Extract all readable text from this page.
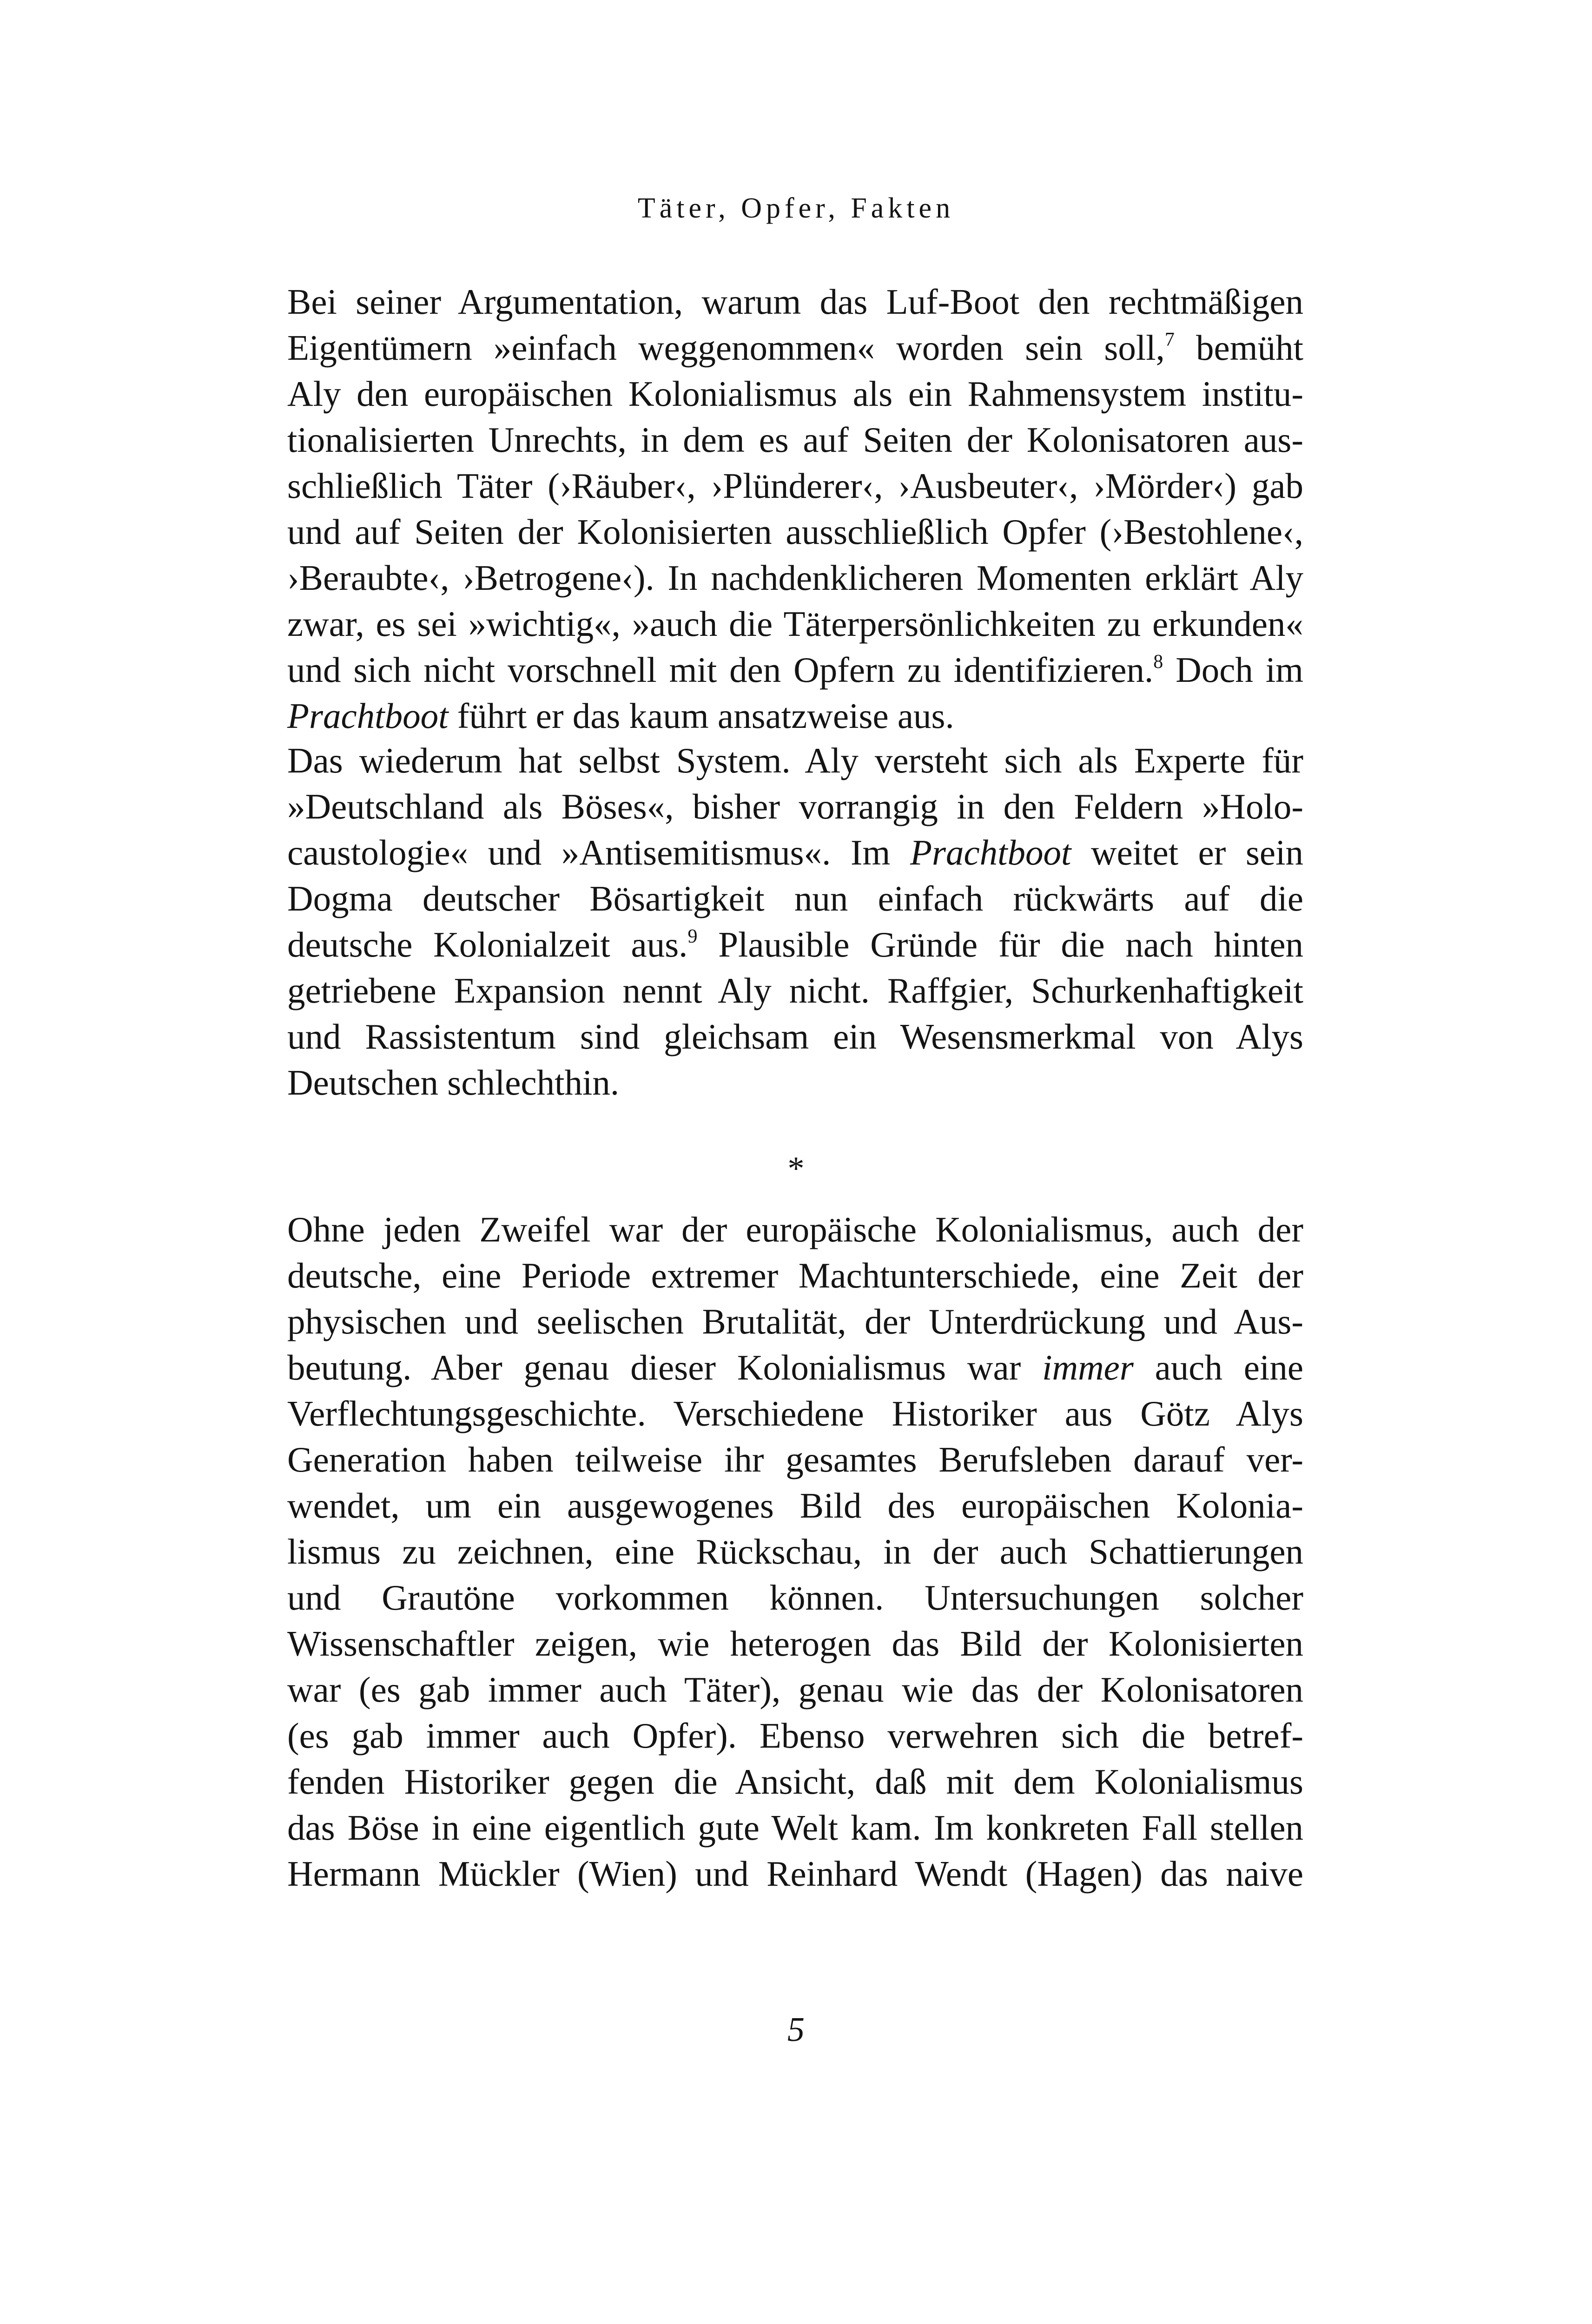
Täter, Opfer, Fakten
Bei seiner Argumentation, warum das Luf-Boot den rechtmäßigen
Eigentümern »einfach weggenommen« worden sein soll,$^7$ bemüht
Aly den europäischen Kolonialismus als ein Rahmensystem institu-
tionalisierten Unrechts, in dem es auf Seiten der Kolonisatoren aus-
schließlich Täter (›Räuber‹, ›Plünderer‹, ›Ausbeuter‹, ›Mörder‹) gab
und auf Seiten der Kolonisierten ausschließlich Opfer (›Bestohlene‹,
›Beraubte‹, ›Betrogene‹). In nachdenklicheren Momenten erklärt Aly
zwar, es sei »wichtig«, »auch die Täterpersönlichkeiten zu erkunden«
und sich nicht vorschnell mit den Opfern zu identifizieren.$^8$ Doch im
Prachtboot führt er das kaum ansatzweise aus.
Das wiederum hat selbst System. Aly versteht sich als Experte für
»Deutschland als Böses«, bisher vorrangig in den Feldern »Holo-
caustologie« und »Antisemitismus«. Im Prachtboot weitet er sein
Dogma deutscher Bösartigkeit nun einfach rückwärts auf die
deutsche Kolonialzeit aus.$^9$ Plausible Gründe für die nach hinten
getriebene Expansion nennt Aly nicht. Raffgier, Schurkenhaftigkeit
und Rassistentum sind gleichsam ein Wesensmerkmal von Alys
Deutschen schlechthin.
*
Ohne jeden Zweifel war der europäische Kolonialismus, auch der
deutsche, eine Periode extremer Machtunterschiede, eine Zeit der
physischen und seelischen Brutalität, der Unterdrückung und Aus-
beutung. Aber genau dieser Kolonialismus war immer auch eine
Verflechtungsgeschichte. Verschiedene Historiker aus Götz Alys
Generation haben teilweise ihr gesamtes Berufsleben darauf ver-
wendet, um ein ausgewogenes Bild des europäischen Kolonia-
lismus zu zeichnen, eine Rückschau, in der auch Schattierungen
und Grautöne vorkommen können. Untersuchungen solcher
Wissenschaftler zeigen, wie heterogen das Bild der Kolonisierten
war (es gab immer auch Täter), genau wie das der Kolonisatoren
(es gab immer auch Opfer). Ebenso verwehren sich die betref-
fenden Historiker gegen die Ansicht, daß mit dem Kolonialismus
das Böse in eine eigentlich gute Welt kam. Im konkreten Fall stellen
Hermann Mückler (Wien) und Reinhard Wendt (Hagen) das naive
5
